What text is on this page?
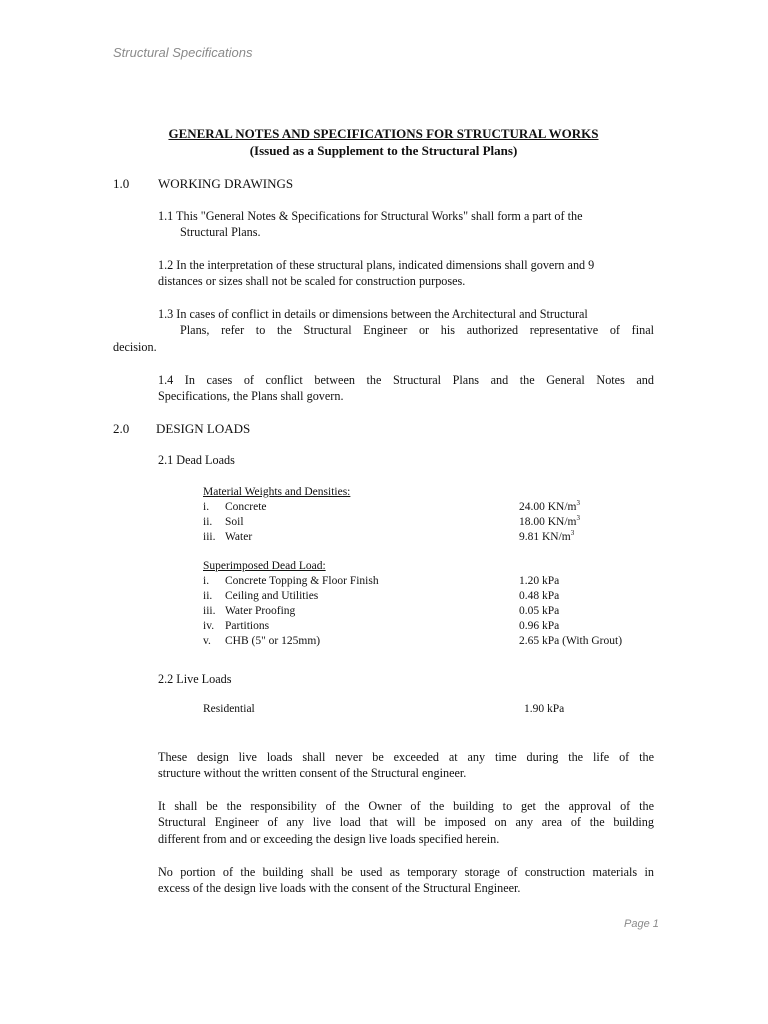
Structural Specifications
GENERAL NOTES AND SPECIFICATIONS FOR STRUCTURAL WORKS
(Issued as a Supplement to the Structural Plans)
1.0 WORKING DRAWINGS
1.1 This "General Notes & Specifications for Structural Works" shall form a part of the
Structural Plans.
1.2 In the interpretation of these structural plans, indicated dimensions shall govern and 9
distances or sizes shall not be scaled for construction purposes.
1.3 In cases of conflict in details or dimensions between the Architectural and Structural
Plans, refer to the Structural Engineer or his authorized representative of final
decision.
1.4 In cases of conflict between the Structural Plans and the General Notes and
Specifications, the Plans shall govern.
2.0 DESIGN LOADS
2.1 Dead Loads
Material Weights and Densities:
i. Concrete	24.00 $KN/m^3$
ii. Soil	18.00 $KN/m^3$
iii. Water	9.81 $KN/m^3$
Superimposed Dead Load:
i. Concrete Topping & Floor Finish	1.20 kPa
ii. Ceiling and Utilities	0.48 kPa
iii. Water Proofing	0.05 kPa
iv. Partitions	0.96 kPa
v. CHB (5" or 125mm)	2.65 kPa (With Grout)
2.2 Live Loads
Residential	1.90 kPa
These design live loads shall never be exceeded at any time during the life of the
structure without the written consent of the Structural engineer.
It shall be the responsibility of the Owner of the building to get the approval of the
Structural Engineer of any live load that will be imposed on any area of the building
different from and or exceeding the design live loads specified herein.
No portion of the building shall be used as temporary storage of construction materials in
excess of the design live loads with the consent of the Structural Engineer.
Page 1
